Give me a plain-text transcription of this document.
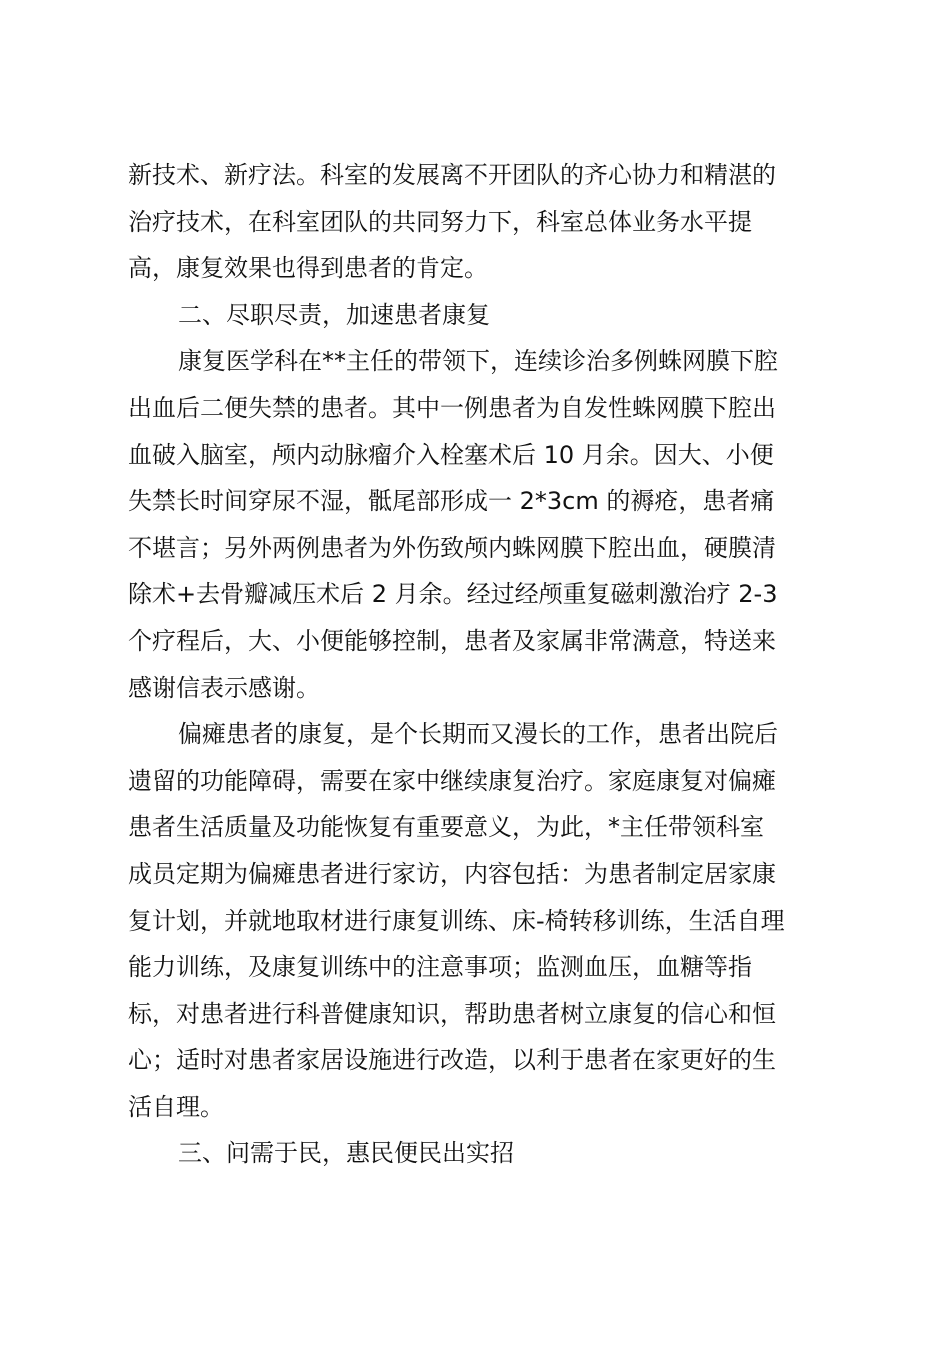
新技术、新疗法。科室的发展离不开团队的齐心协力和精湛的
治疗技术，在科室团队的共同努力下，科室总体业务水平提
高，康复效果也得到患者的肯定。
二、尽职尽责，加速患者康复
康复医学科在**主任的带领下，连续诊治多例蛛网膜下腔
出血后二便失禁的患者。其中一例患者为自发性蛛网膜下腔出
血破入脑室，颅内动脉瘤介入栓塞术后 10 月余。因大、小便
失禁长时间穿尿不湿，骶尾部形成一 2*3cm 的褥疮，患者痛
不堪言；另外两例患者为外伤致颅内蛛网膜下腔出血，硬膜清
除术+去骨瓣减压术后 2 月余。经过经颅重复磁刺激治疗 2-3
个疗程后，大、小便能够控制，患者及家属非常满意，特送来
感谢信表示感谢。
偏瘫患者的康复，是个长期而又漫长的工作，患者出院后
遗留的功能障碍，需要在家中继续康复治疗。家庭康复对偏瘫
患者生活质量及功能恢复有重要意义，为此，*主任带领科室
成员定期为偏瘫患者进行家访，内容包括：为患者制定居家康
复计划，并就地取材进行康复训练、床-椅转移训练，生活自理
能力训练，及康复训练中的注意事项；监测血压，血糖等指
标，对患者进行科普健康知识，帮助患者树立康复的信心和恒
心；适时对患者家居设施进行改造，以利于患者在家更好的生
活自理。
三、问需于民，惠民便民出实招
